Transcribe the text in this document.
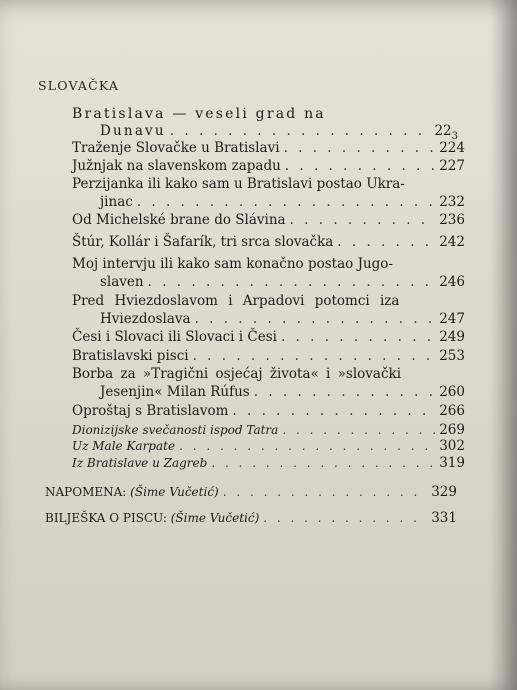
SLOVAČKA
Bratislava — veseli grad na
Dunavu . . .	$22_3$
Traženje Slovačke u Bratislavi . . .	224
Južnjak na slavenskom zapadu . . .	227
Perzijanka ili kako sam u Bratislavi postao Ukra-
jinac . . .	232
Od Michelské brane do Slávina . . .	236
Štúr, Kollár i Šafarík, tri srca slovačka . . .	242
Moj intervju ili kako sam konačno postao Jugo-
slaven . . .	246
Pred Hviezdoslavom i Arpadovi potomci iza
Hviezdoslava . . .	247
Česi i Slovaci ili Slovaci i Česi . . .	249
Bratislavski pisci . . .	253
Borba za »Tragični osjećaj života« i »slovački
Jesenjin« Milan Rúfus . . .	260
Oproštaj s Bratislavom . . .	266
Dionizijske svečanosti ispod Tatra . . .	269
Uz Male Karpate . . .	302
Iz Bratislave u Zagreb . . .	319
NAPOMENA: (Šime Vučetić) . . .	329
BILJEŠKA O PISCU: (Šime Vučetić) . . .	331
